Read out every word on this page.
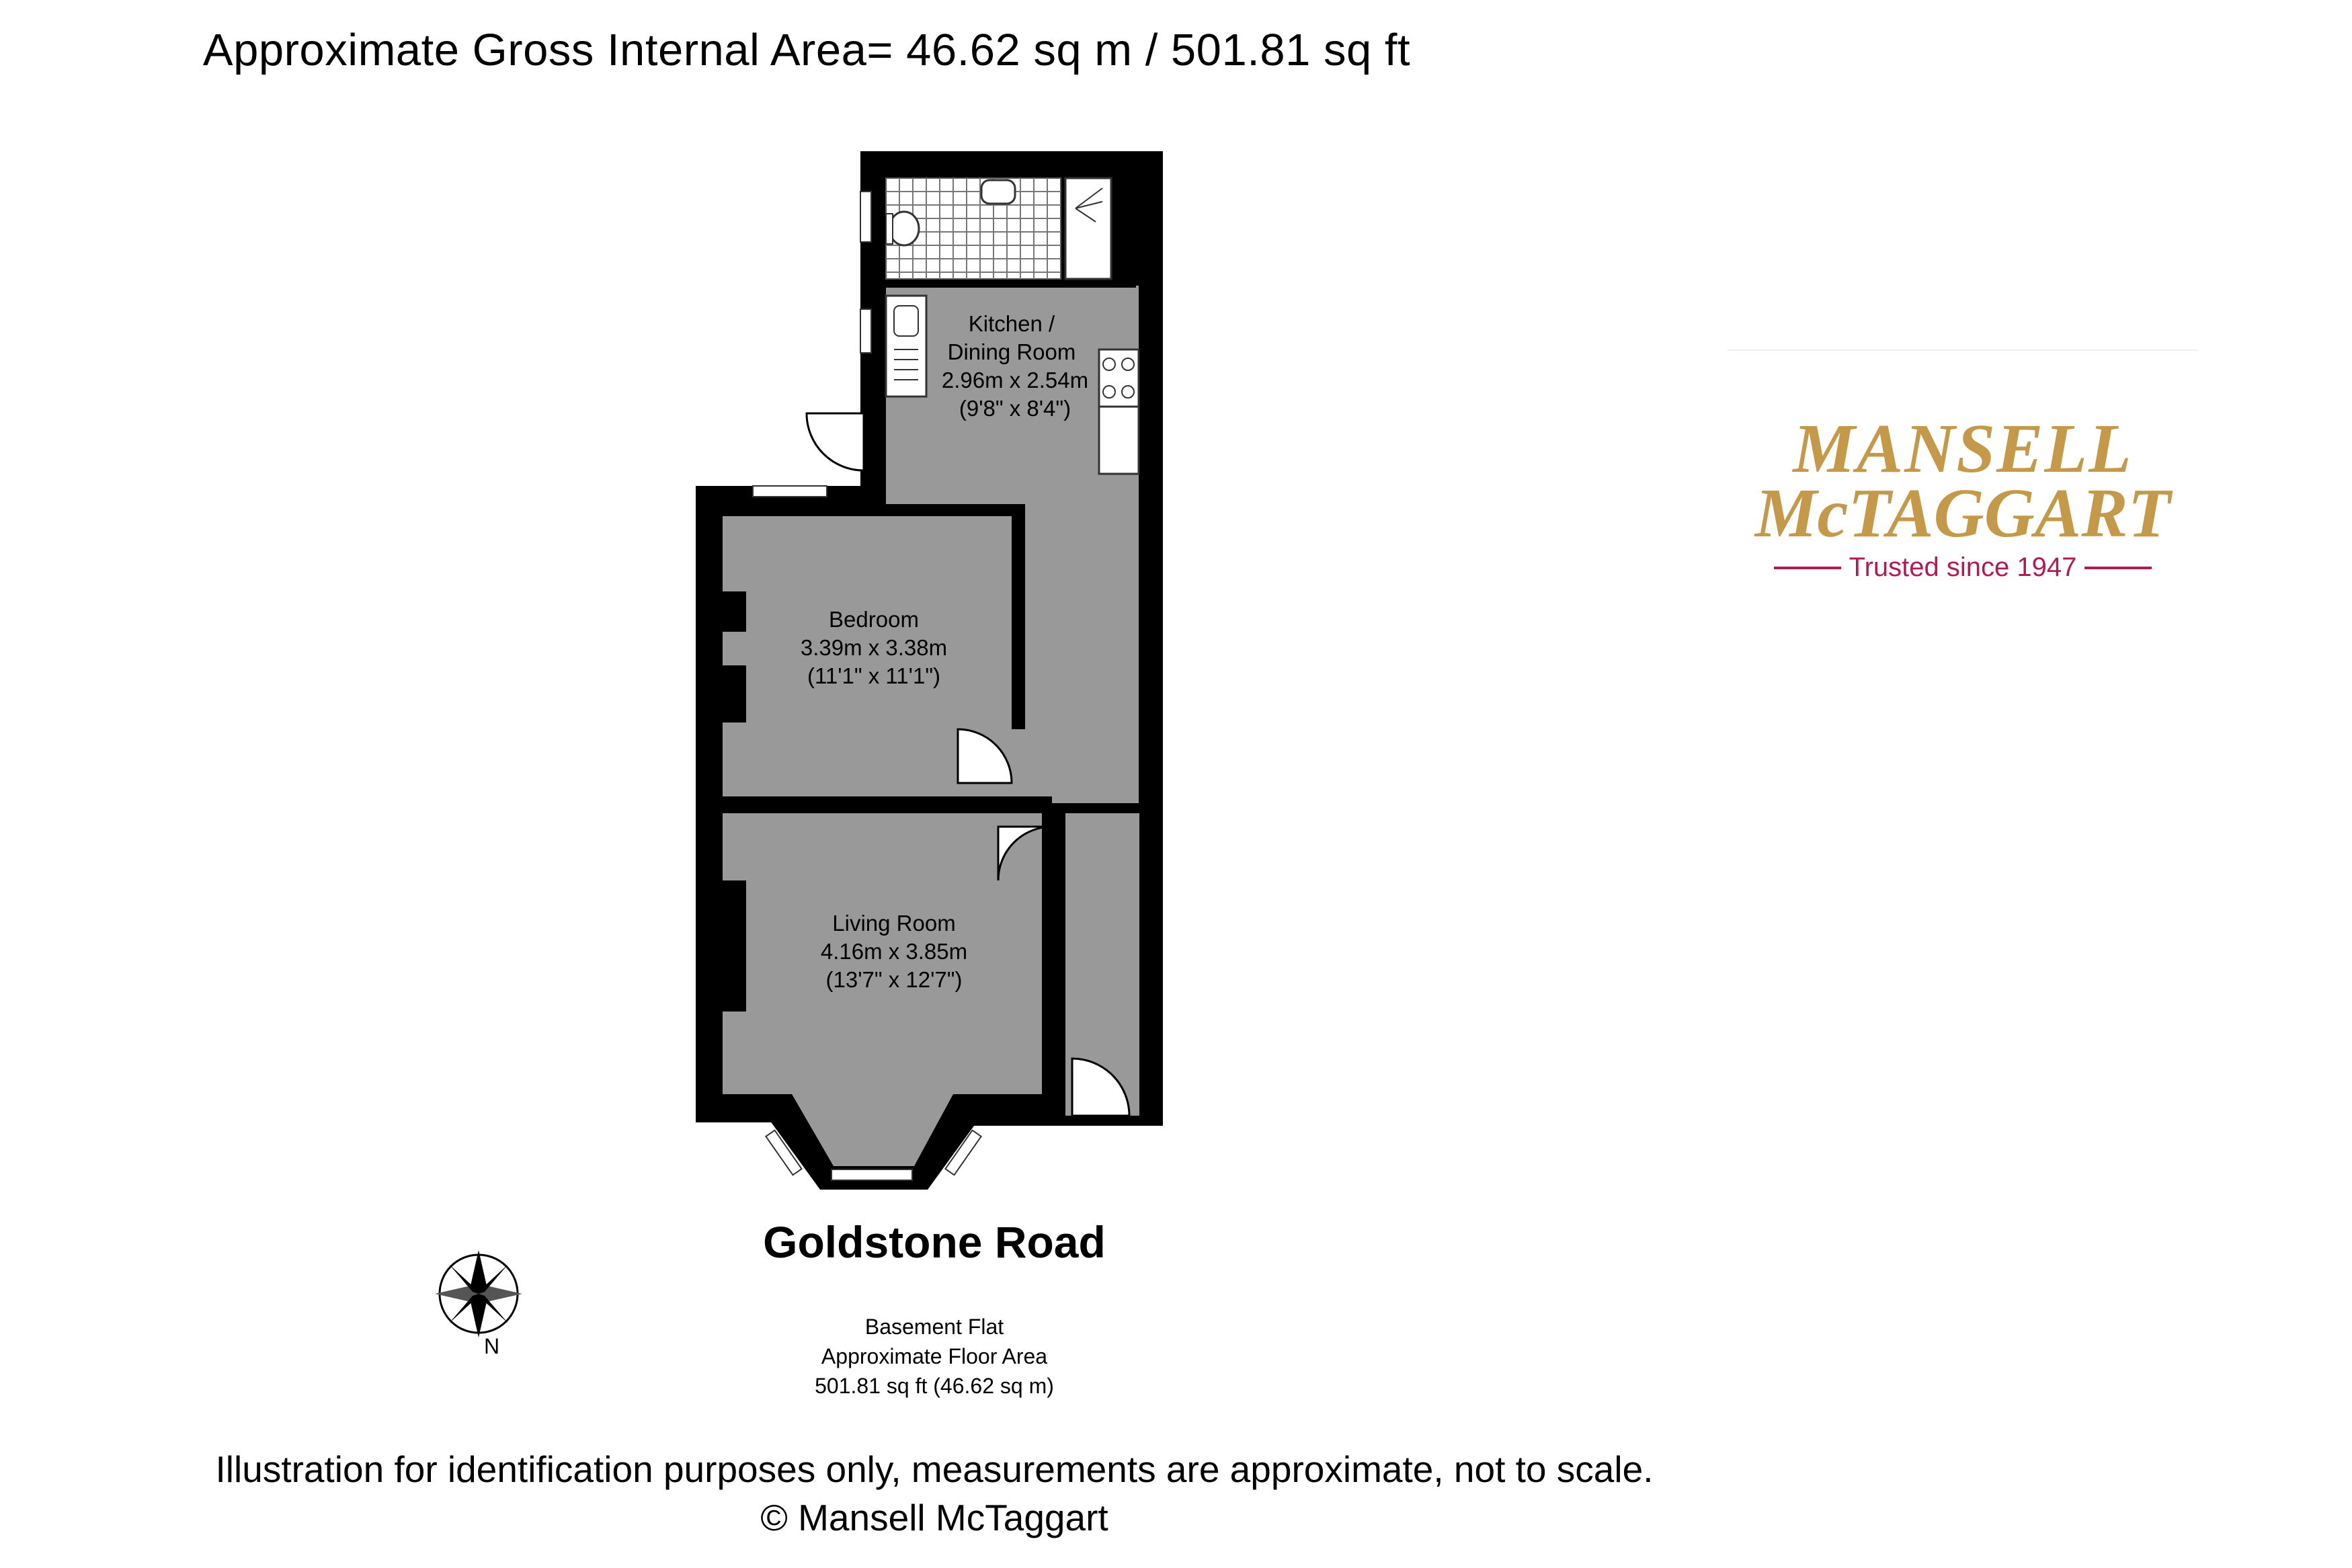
Approximate Gross Internal Area= 46.62 sq m / 501.81 sq ft
Kitchen /
Dining Room
2.96m x 2.54m
(9'8" x 8'4")
Bedroom
3.39m x 3.38m
(11'1" x 11'1")
Living Room
4.16m x 3.85m
(13'7" x 12'7")
N
Goldstone Road
Basement Flat
Approximate Floor Area
501.81 sq ft (46.62 sq m)
Illustration for identification purposes only, measurements are approximate, not to scale.
© Mansell McTaggart
MANSELL
McTAGGART
Trusted since 1947
